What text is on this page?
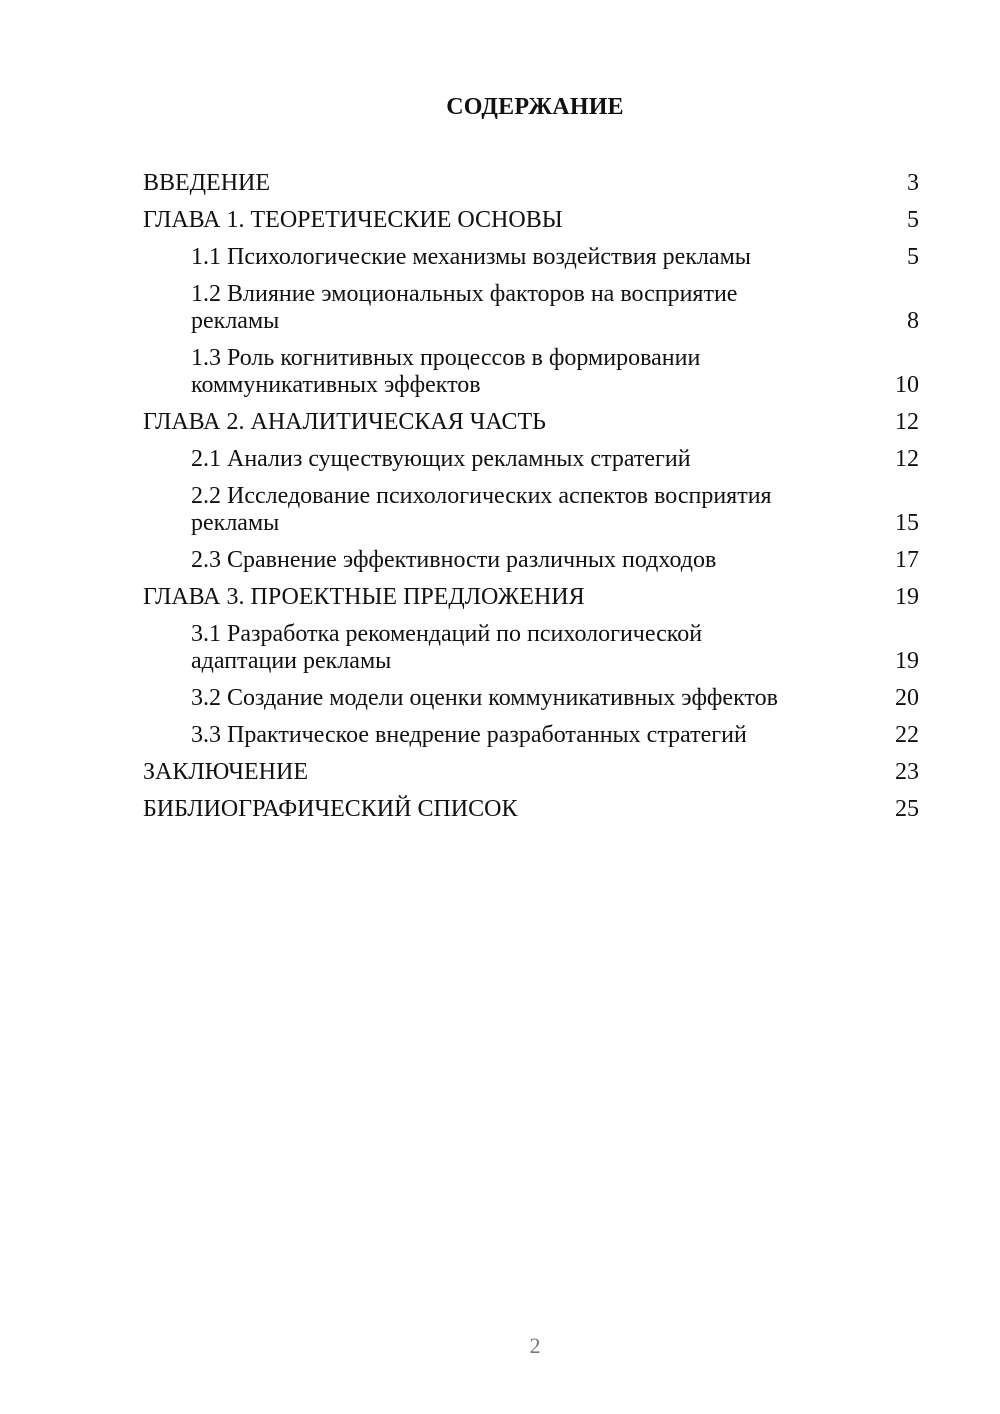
СОДЕРЖАНИЕ
ВВЕДЕНИЕ	3
ГЛАВА 1. ТЕОРЕТИЧЕСКИЕ ОСНОВЫ	5
1.1 Психологические механизмы воздействия рекламы	5
1.2 Влияние эмоциональных факторов на восприятие рекламы	8
1.3 Роль когнитивных процессов в формировании коммуникативных эффектов	10
ГЛАВА 2. АНАЛИТИЧЕСКАЯ ЧАСТЬ	12
2.1 Анализ существующих рекламных стратегий	12
2.2 Исследование психологических аспектов восприятия рекламы	15
2.3 Сравнение эффективности различных подходов	17
ГЛАВА 3. ПРОЕКТНЫЕ ПРЕДЛОЖЕНИЯ	19
3.1 Разработка рекомендаций по психологической адаптации рекламы	19
3.2 Создание модели оценки коммуникативных эффектов	20
3.3 Практическое внедрение разработанных стратегий	22
ЗАКЛЮЧЕНИЕ	23
БИБЛИОГРАФИЧЕСКИЙ СПИСОК	25
2
